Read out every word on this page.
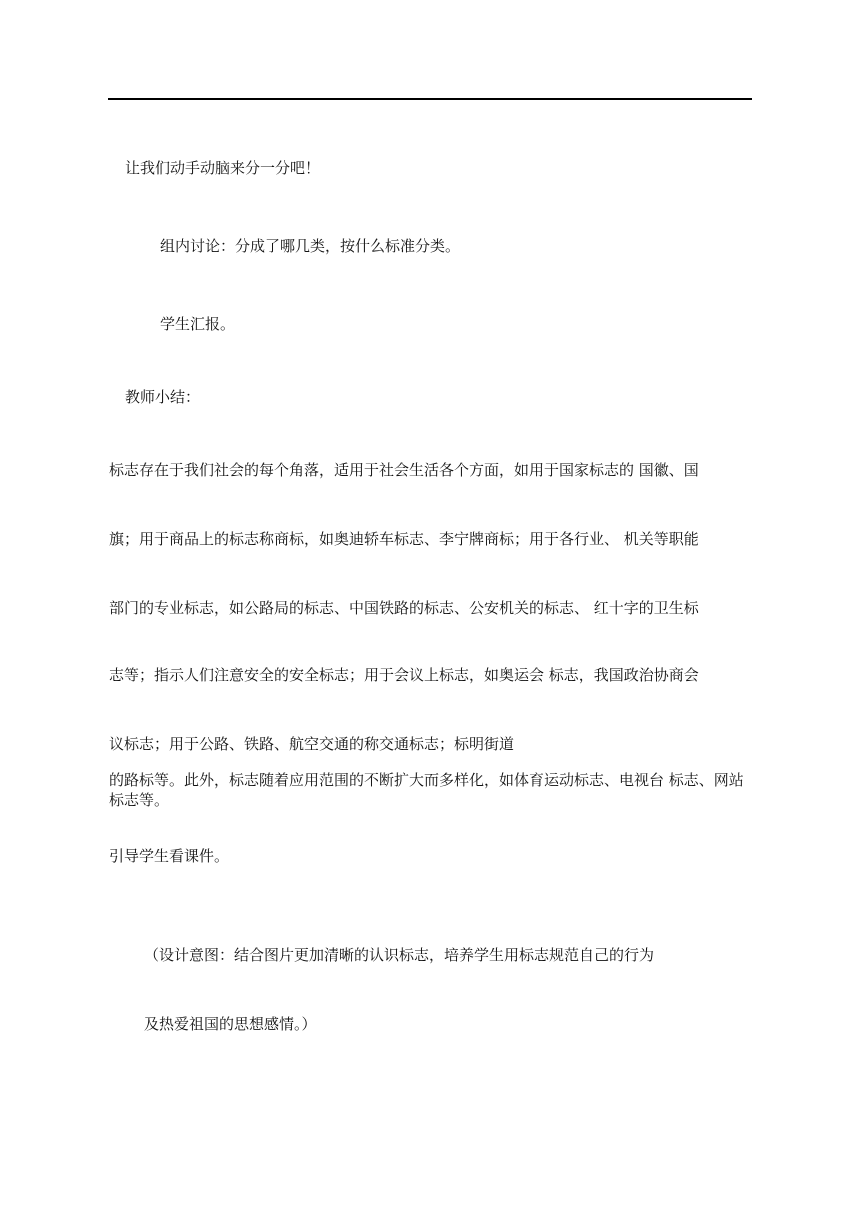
让我们动手动脑来分一分吧！
组内讨论：分成了哪几类，按什么标准分类。
学生汇报。
教师小结：
标志存在于我们社会的每个角落，适用于社会生活各个方面，如用于国家标志的 国徽、国
旗；用于商品上的标志称商标，如奥迪轿车标志、李宁牌商标；用于各行业、 机关等职能
部门的专业标志，如公路局的标志、中国铁路的标志、公安机关的标志、 红十字的卫生标
志等；指示人们注意安全的安全标志；用于会议上标志，如奥运会 标志，我国政治协商会
议标志；用于公路、铁路、航空交通的称交通标志；标明街道
的路标等。此外，标志随着应用范围的不断扩大而多样化，如体育运动标志、电视台 标志、网站标志等。
引导学生看课件。
（设计意图：结合图片更加清晰的认识标志，培养学生用标志规范自己的行为
及热爱祖国的思想感情。）
